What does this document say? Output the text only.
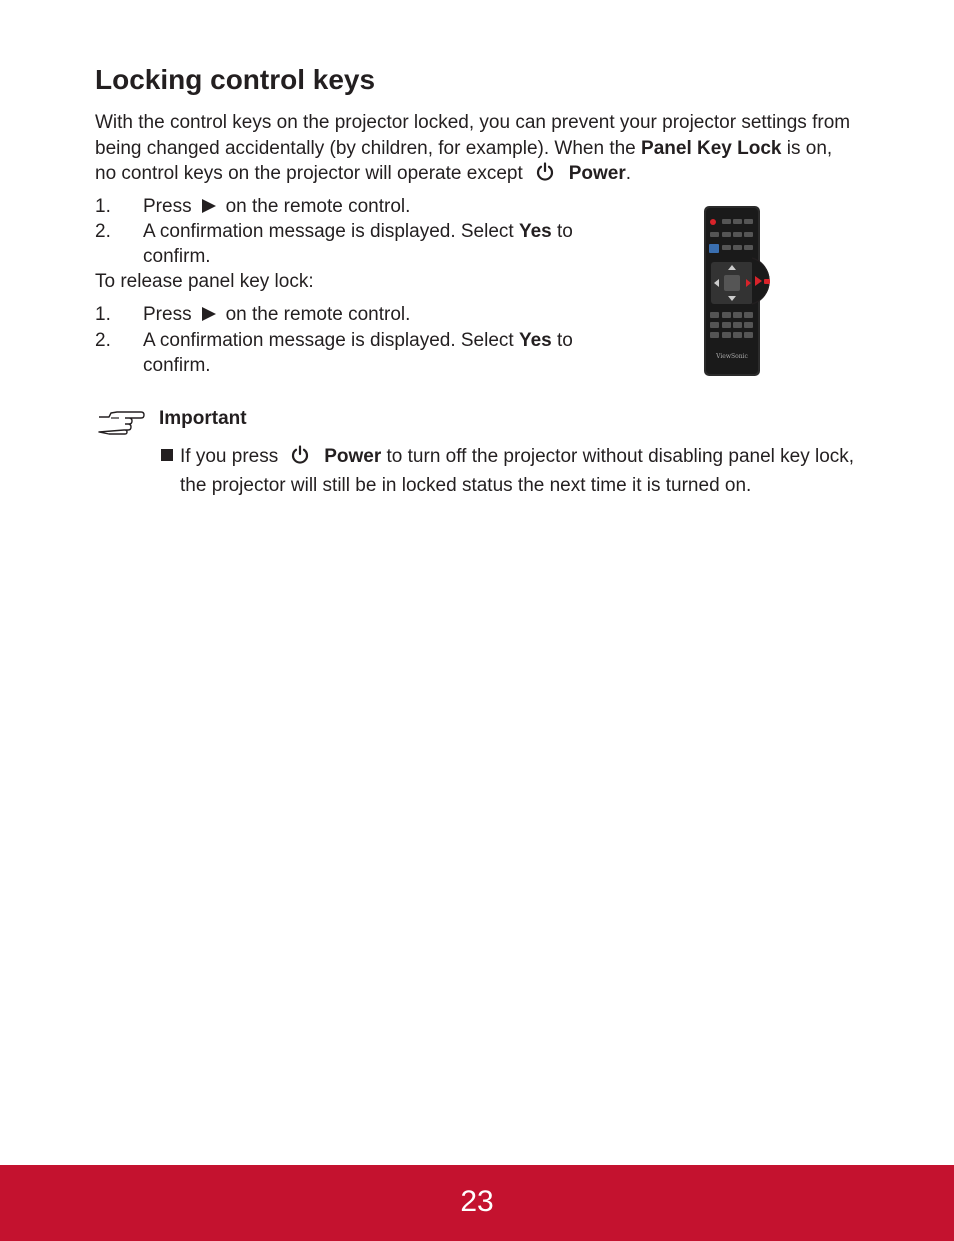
Locking control keys

With the control keys on the projector locked, you can prevent your projector settings from being changed accidentally (by children, for example). When the Panel Key Lock is on, no control keys on the projector will operate except Power.

1. Press on the remote control.
2. A confirmation message is displayed. Select Yes to confirm.
To release panel key lock:
1. Press on the remote control.
2. A confirmation message is displayed. Select Yes to confirm.	ViewSonic
Important
If you press Power to turn off the projector without disabling panel key lock, the projector will still be in locked status the next time it is turned on.
23
